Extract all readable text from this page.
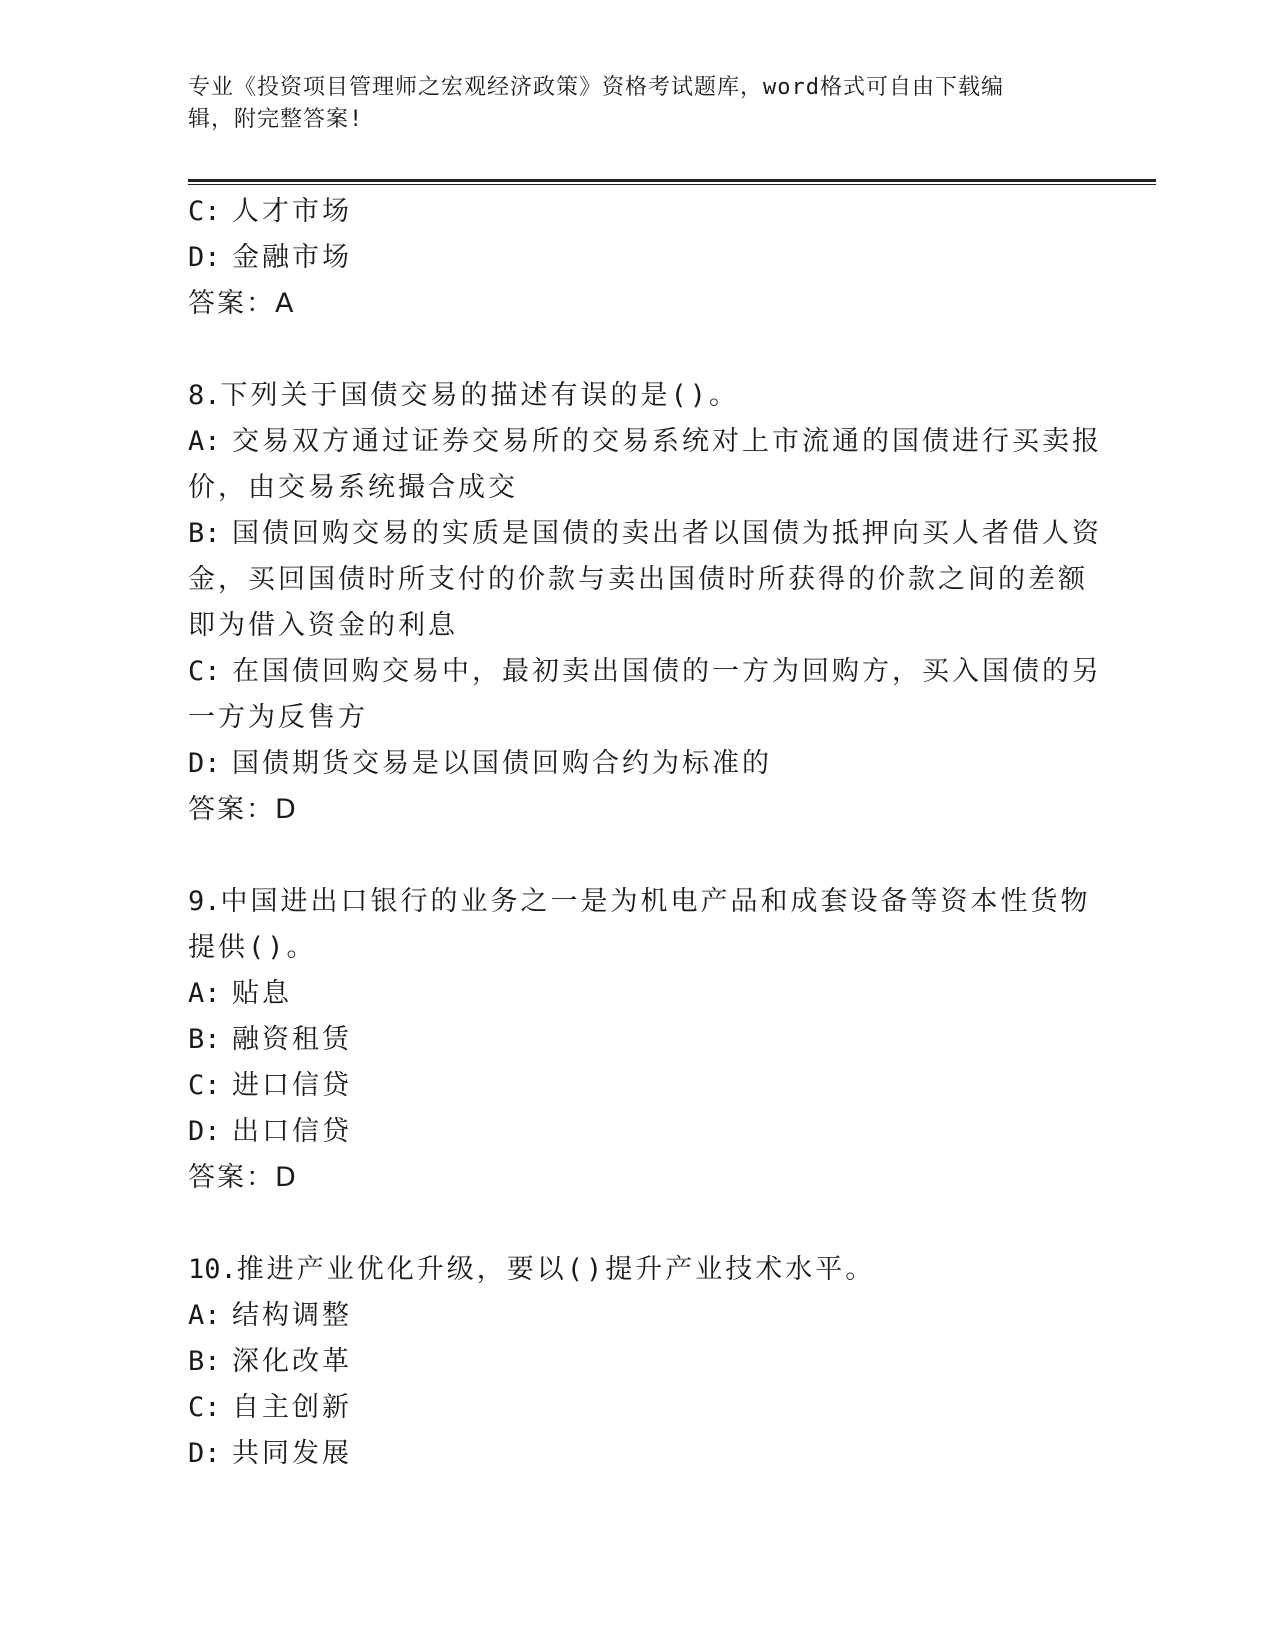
专业《投资项目管理师之宏观经济政策》资格考试题库，word格式可自由下载编
辑，附完整答案!
C: 人才市场
D: 金融市场
答案：A
8.下列关于国债交易的描述有误的是()。
A: 交易双方通过证券交易所的交易系统对上市流通的国债进行买卖报
价，由交易系统撮合成交
B: 国债回购交易的实质是国债的卖出者以国债为抵押向买人者借人资
金，买回国债时所支付的价款与卖出国债时所获得的价款之间的差额
即为借入资金的利息
C: 在国债回购交易中，最初卖出国债的一方为回购方，买入国债的另
一方为反售方
D: 国债期货交易是以国债回购合约为标准的
答案：D
9.中国进出口银行的业务之一是为机电产品和成套设备等资本性货物
提供()。
A: 贴息
B: 融资租赁
C: 进口信贷
D: 出口信贷
答案：D
10.推进产业优化升级，要以()提升产业技术水平。
A: 结构调整
B: 深化改革
C: 自主创新
D: 共同发展
